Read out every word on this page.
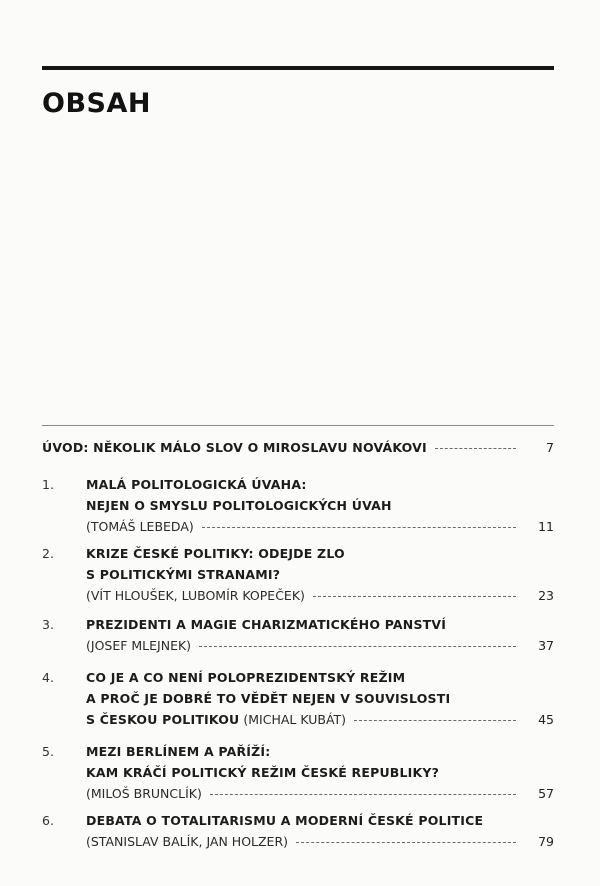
OBSAH
ÚVOD: NĚKOLIK MÁLO SLOV O MIROSLAVU NOVÁKOVI	7
1.	MALÁ POLITOLOGICKÁ ÚVAHA:
NEJEN O SMYSLU POLITOLOGICKÝCH ÚVAH
(TOMÁŠ LEBEDA)	11
2.	KRIZE ČESKÉ POLITIKY: ODEJDE ZLO
S POLITICKÝMI STRANAMI?
(VÍT HLOUŠEK, LUBOMÍR KOPEČEK)	23
3.	PREZIDENTI A MAGIE CHARIZMATICKÉHO PANSTVÍ
(JOSEF MLEJNEK)	37
4.	CO JE A CO NENÍ POLOPREZIDENTSKÝ REŽIM
A PROČ JE DOBRÉ TO VĚDĚT NEJEN V SOUVISLOSTI
S ČESKOU POLITIKOU (MICHAL KUBÁT)	45
5.	MEZI BERLÍNEM A PAŘÍŽÍ:
KAM KRÁČÍ POLITICKÝ REŽIM ČESKÉ REPUBLIKY?
(MILOŠ BRUNCLÍK)	57
6.	DEBATA O TOTALITARISMU A MODERNÍ ČESKÉ POLITICE
(STANISLAV BALÍK, JAN HOLZER)	79
